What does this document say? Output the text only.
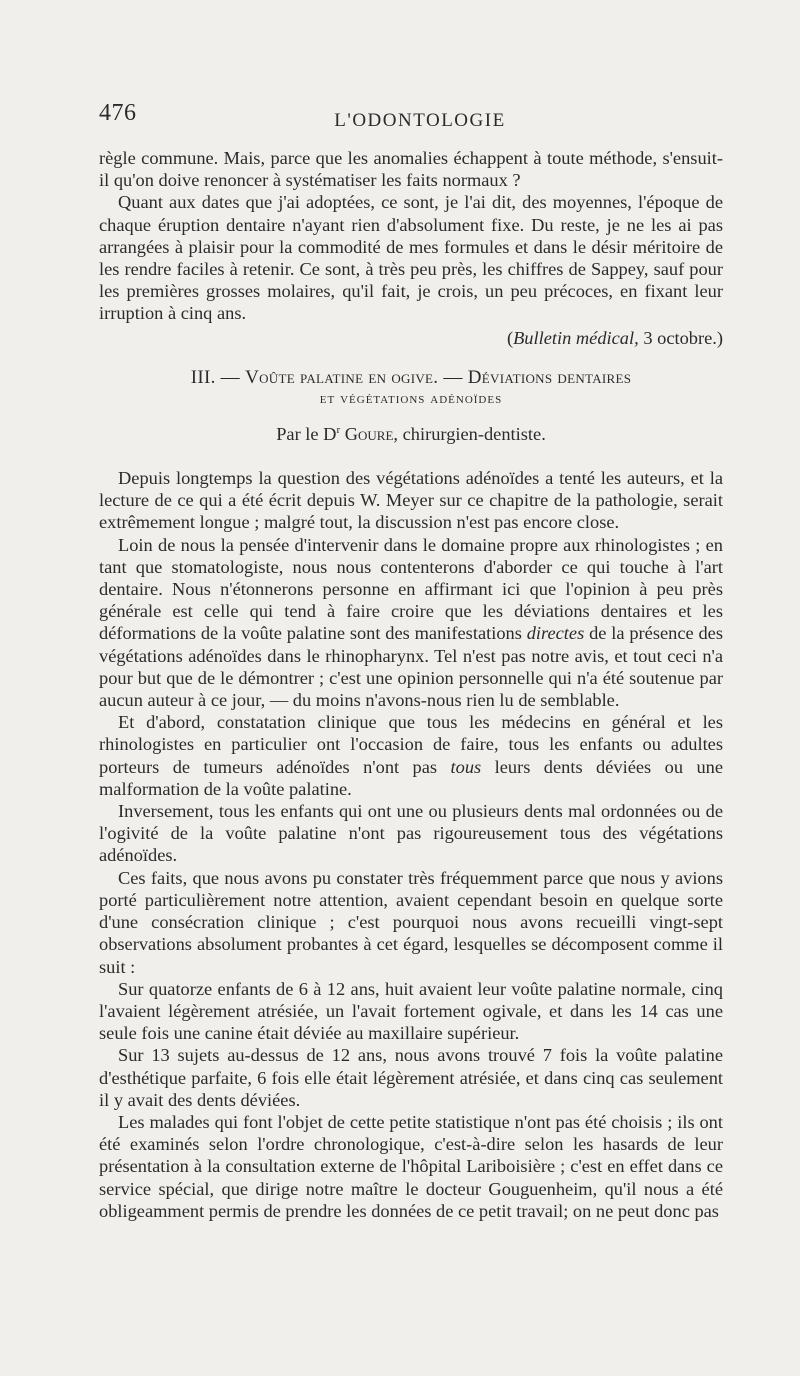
476	L'ODONTOLOGIE

règle commune. Mais, parce que les anomalies échappent à toute méthode, s'ensuit-il qu'on doive renoncer à systématiser les faits normaux ?

Quant aux dates que j'ai adoptées, ce sont, je l'ai dit, des moyennes, l'époque de chaque éruption dentaire n'ayant rien d'absolument fixe. Du reste, je ne les ai pas arrangées à plaisir pour la commodité de mes formules et dans le désir méritoire de les rendre faciles à retenir. Ce sont, à très peu près, les chiffres de Sappey, sauf pour les premières grosses molaires, qu'il fait, je crois, un peu précoces, en fixant leur irruption à cinq ans.

(Bulletin médical, 3 octobre.)

III. — Voûte palatine en ogive. — Déviations dentaires
et végétations adénoïdes

Par le $D^r$ Goure, chirurgien-dentiste.

Depuis longtemps la question des végétations adénoïdes a tenté les auteurs, et la lecture de ce qui a été écrit depuis W. Meyer sur ce chapitre de la pathologie, serait extrêmement longue ; malgré tout, la discussion n'est pas encore close.

Loin de nous la pensée d'intervenir dans le domaine propre aux rhinologistes ; en tant que stomatologiste, nous nous contenterons d'aborder ce qui touche à l'art dentaire. Nous n'étonnerons personne en affirmant ici que l'opinion à peu près générale est celle qui tend à faire croire que les déviations dentaires et les déformations de la voûte palatine sont des manifestations directes de la présence des végétations adénoïdes dans le rhinopharynx. Tel n'est pas notre avis, et tout ceci n'a pour but que de le démontrer ; c'est une opinion personnelle qui n'a été soutenue par aucun auteur à ce jour, — du moins n'avons-nous rien lu de semblable.

Et d'abord, constatation clinique que tous les médecins en général et les rhinologistes en particulier ont l'occasion de faire, tous les enfants ou adultes porteurs de tumeurs adénoïdes n'ont pas tous leurs dents déviées ou une malformation de la voûte palatine.

Inversement, tous les enfants qui ont une ou plusieurs dents mal ordonnées ou de l'ogivité de la voûte palatine n'ont pas rigoureusement tous des végétations adénoïdes.

Ces faits, que nous avons pu constater très fréquemment parce que nous y avions porté particulièrement notre attention, avaient cependant besoin en quelque sorte d'une consécration clinique ; c'est pourquoi nous avons recueilli vingt-sept observations absolument probantes à cet égard, lesquelles se décomposent comme il suit :

Sur quatorze enfants de 6 à 12 ans, huit avaient leur voûte palatine normale, cinq l'avaient légèrement atrésiée, un l'avait fortement ogivale, et dans les 14 cas une seule fois une canine était déviée au maxillaire supérieur.

Sur 13 sujets au-dessus de 12 ans, nous avons trouvé 7 fois la voûte palatine d'esthétique parfaite, 6 fois elle était légèrement atrésiée, et dans cinq cas seulement il y avait des dents déviées.

Les malades qui font l'objet de cette petite statistique n'ont pas été choisis ; ils ont été examinés selon l'ordre chronologique, c'est-à-dire selon les hasards de leur présentation à la consultation externe de l'hôpital Lariboisière ; c'est en effet dans ce service spécial, que dirige notre maître le docteur Gouguenheim, qu'il nous a été obligeamment permis de prendre les données de ce petit travail; on ne peut donc pas
